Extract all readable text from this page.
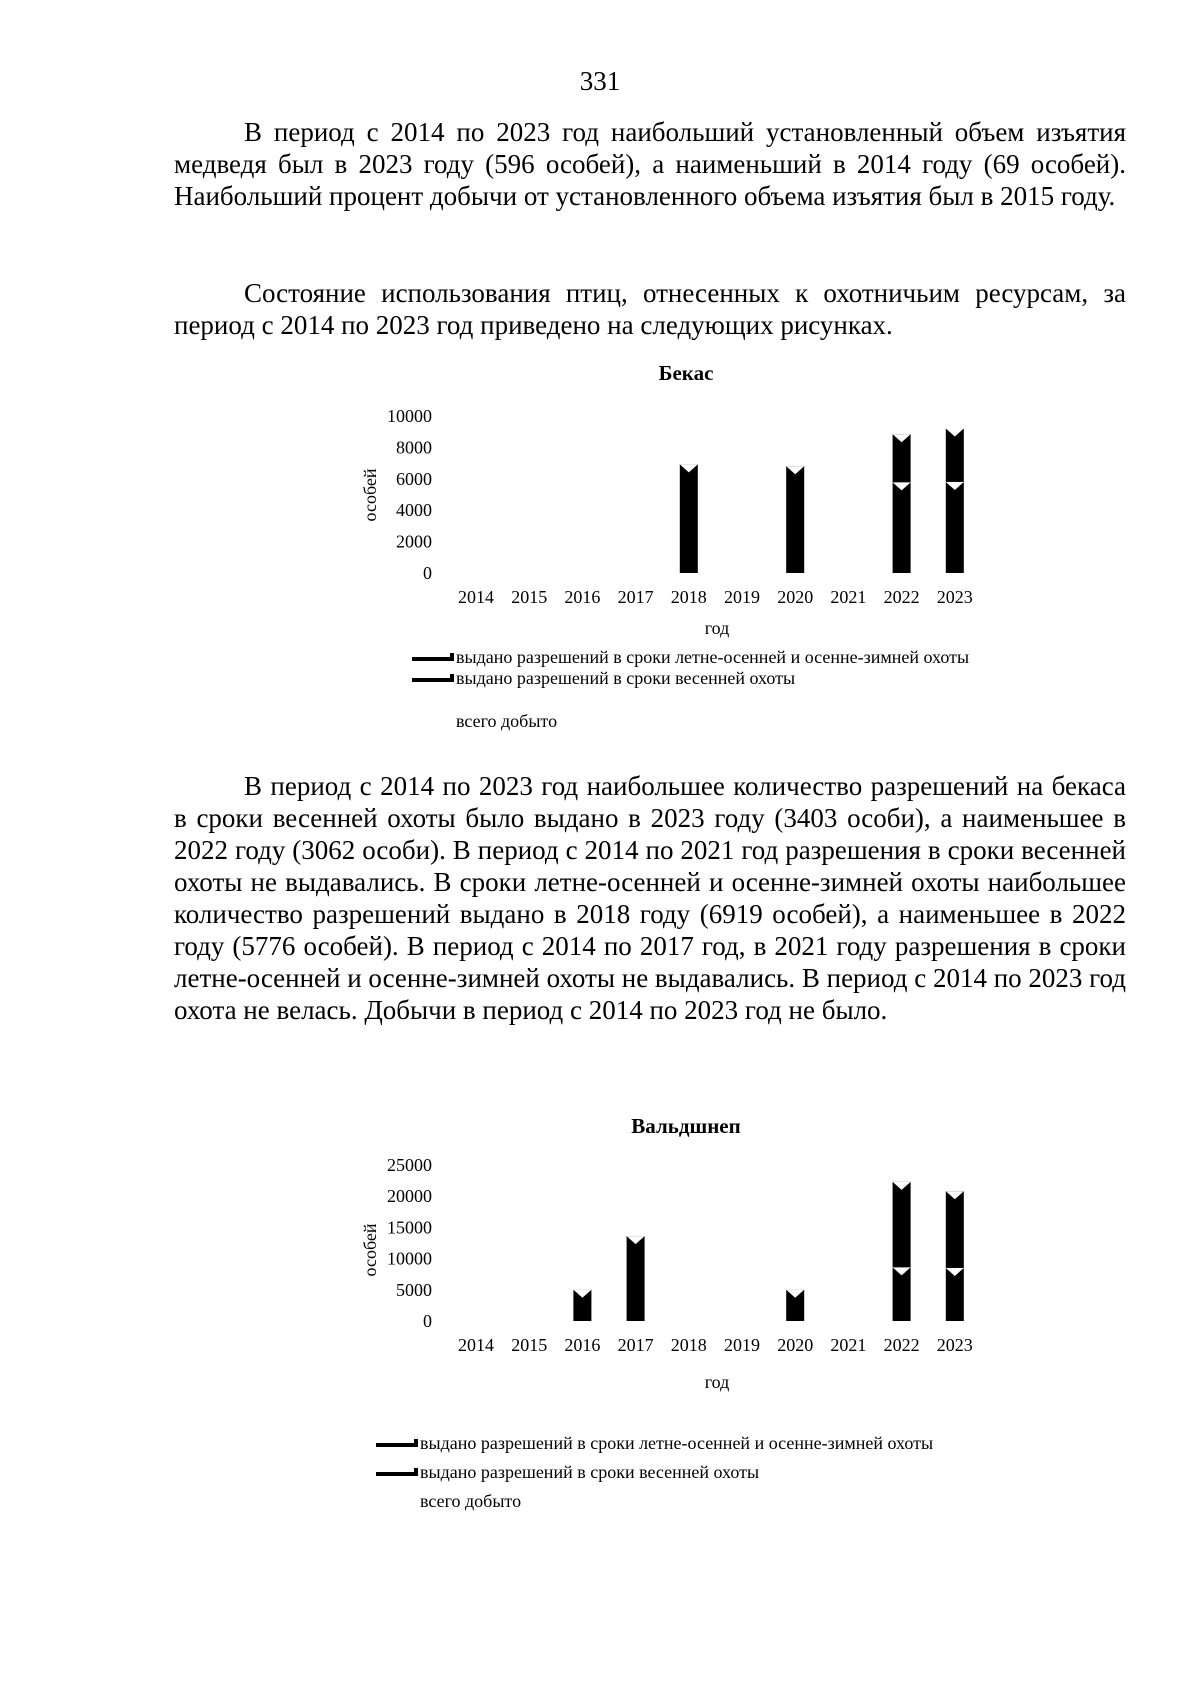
331

В период с 2014 по 2023 год наибольший установленный объем изъятия медведя был в 2023 году (596 особей), а наименьший в 2014 году (69 особей). Наибольший процент добычи от установленного объема изъятия был в 2015 году.

Состояние использования птиц, отнесенных к охотничьим ресурсам, за период с 2014 по 2023 год приведено на следующих рисунках.

Бекас
особей
год
10000
8000
6000
4000
2000
0
2014 2015 2016 2017 2018 2019 2020 2021 2022 2023
выдано разрешений в сроки летне-осенней и осенне-зимней охоты
выдано разрешений в сроки весенней охоты
всего добыто

В период с 2014 по 2023 год наибольшее количество разрешений на бекаса в сроки весенней охоты было выдано в 2023 году (3403 особи), а наименьшее в 2022 году (3062 особи). В период с 2014 по 2021 год разрешения в сроки весенней охоты не выдавались. В сроки летне-осенней и осенне-зимней охоты наибольшее количество разрешений выдано в 2018 году (6919 особей), а наименьшее в 2022 году (5776 особей). В период с 2014 по 2017 год, в 2021 году разрешения в сроки летне-осенней и осенне-зимней охоты не выдавались. В период с 2014 по 2023 год охота не велась. Добычи в период с 2014 по 2023 год не было.

Вальдшнеп
особей
год
25000
20000
15000
10000
5000
0
2014 2015 2016 2017 2018 2019 2020 2021 2022 2023
выдано разрешений в сроки летне-осенней и осенне-зимней охоты
выдано разрешений в сроки весенней охоты
всего добыто
